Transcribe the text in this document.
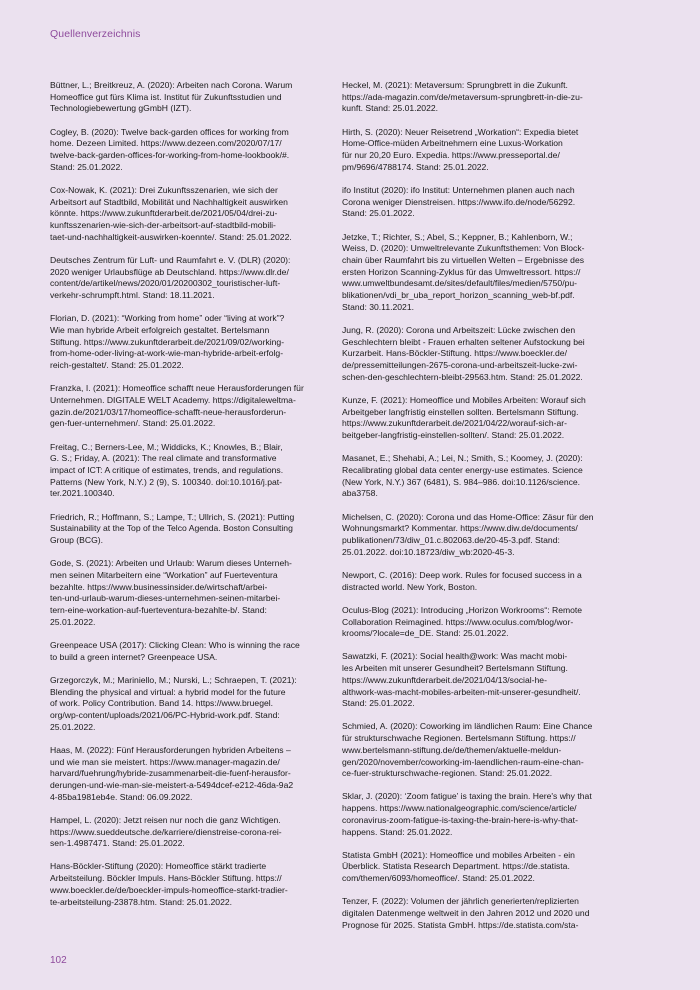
Quellenverzeichnis

Büttner, L.; Breitkreuz, A. (2020): Arbeiten nach Corona. Warum
Homeoffice gut fürs Klima ist. Institut für Zukunftsstudien und
Technologiebewertung gGmbH (IZT).

Cogley, B. (2020): Twelve back-garden offices for working from
home. Dezeen Limited. https://www.dezeen.com/2020/07/17/
twelve-back-garden-offices-for-working-from-home-lookbook/#.
Stand: 25.01.2022.

Cox-Nowak, K. (2021): Drei Zukunftsszenarien, wie sich der
Arbeitsort auf Stadtbild, Mobilität und Nachhaltigkeit auswirken
könnte. https://www.zukunftderarbeit.de/2021/05/04/drei-zu-
kunftsszenarien-wie-sich-der-arbeitsort-auf-stadtbild-mobili-
taet-und-nachhaltigkeit-auswirken-koennte/. Stand: 25.01.2022.

Deutsches Zentrum für Luft- und Raumfahrt e. V. (DLR) (2020):
2020 weniger Urlaubsflüge ab Deutschland. https://www.dlr.de/
content/de/artikel/news/2020/01/20200302_touristischer-luft-
verkehr-schrumpft.html. Stand: 18.11.2021.

Florian, D. (2021): “Working from home” oder “living at work”?
Wie man hybride Arbeit erfolgreich gestaltet. Bertelsmann
Stiftung. https://www.zukunftderarbeit.de/2021/09/02/working-
from-home-oder-living-at-work-wie-man-hybride-arbeit-erfolg-
reich-gestaltet/. Stand: 25.01.2022.

Franzka, I. (2021): Homeoffice schafft neue Herausforderungen für
Unternehmen. DIGITALE WELT Academy. https://digitaleweltma-
gazin.de/2021/03/17/homeoffice-schafft-neue-herausforderun-
gen-fuer-unternehmen/. Stand: 25.01.2022.

Freitag, C.; Berners-Lee, M.; Widdicks, K.; Knowles, B.; Blair,
G. S.; Friday, A. (2021): The real climate and transformative
impact of ICT: A critique of estimates, trends, and regulations.
Patterns (New York, N.Y.) 2 (9), S. 100340. doi:10.1016/j.pat-
ter.2021.100340.

Friedrich, R.; Hoffmann, S.; Lampe, T.; Ullrich, S. (2021): Putting
Sustainability at the Top of the Telco Agenda. Boston Consulting
Group (BCG).

Gode, S. (2021): Arbeiten und Urlaub: Warum dieses Unterneh-
men seinen Mitarbeitern eine “Workation” auf Fuerteventura
bezahlte. https://www.businessinsider.de/wirtschaft/arbei-
ten-und-urlaub-warum-dieses-unternehmen-seinen-mitarbei-
tern-eine-workation-auf-fuerteventura-bezahlte-b/. Stand:
25.01.2022.

Greenpeace USA (2017): Clicking Clean: Who is winning the race
to build a green internet? Greenpeace USA.

Grzegorczyk, M.; Mariniello, M.; Nurski, L.; Schraepen, T. (2021):
Blending the physical and virtual: a hybrid model for the future
of work. Policy Contribution. Band 14. https://www.bruegel.
org/wp-content/uploads/2021/06/PC-Hybrid-work.pdf. Stand:
25.01.2022.

Haas, M. (2022): Fünf Herausforderungen hybriden Arbeitens –
und wie man sie meistert. https://www.manager-magazin.de/
harvard/fuehrung/hybride-zusammenarbeit-die-fuenf-herausfor-
derungen-und-wie-man-sie-meistert-a-5494dcef-e212-46da-9a2
4-85ba1981eb4e. Stand: 06.09.2022.

Hampel, L. (2020): Jetzt reisen nur noch die ganz Wichtigen.
https://www.sueddeutsche.de/karriere/dienstreise-corona-rei-
sen-1.4987471. Stand: 25.01.2022.

Hans-Böckler-Stiftung (2020): Homeoffice stärkt tradierte
Arbeitsteilung. Böckler Impuls. Hans-Böckler Stiftung. https://
www.boeckler.de/de/boeckler-impuls-homeoffice-starkt-tradier-
te-arbeitsteilung-23878.htm. Stand: 25.01.2022.

Heckel, M. (2021): Metaversum: Sprungbrett in die Zukunft.
https://ada-magazin.com/de/metaversum-sprungbrett-in-die-zu-
kunft. Stand: 25.01.2022.

Hirth, S. (2020): Neuer Reisetrend „Workation“: Expedia bietet
Home-Office-müden Arbeitnehmern eine Luxus-Workation
für nur 20,20 Euro. Expedia. https://www.presseportal.de/
pm/9696/4788174. Stand: 25.01.2022.

ifo Institut (2020): ifo Institut: Unternehmen planen auch nach
Corona weniger Dienstreisen. https://www.ifo.de/node/56292.
Stand: 25.01.2022.

Jetzke, T.; Richter, S.; Abel, S.; Keppner, B.; Kahlenborn, W.;
Weiss, D. (2020): Umweltrelevante Zukunftsthemen: Von Block-
chain über Raumfahrt bis zu virtuellen Welten – Ergebnisse des
ersten Horizon Scanning-Zyklus für das Umweltressort. https://
www.umweltbundesamt.de/sites/default/files/medien/5750/pu-
blikationen/vdi_br_uba_report_horizon_scanning_web-bf.pdf.
Stand: 30.11.2021.

Jung, R. (2020): Corona und Arbeitszeit: Lücke zwischen den
Geschlechtern bleibt - Frauen erhalten seltener Aufstockung bei
Kurzarbeit. Hans-Böckler-Stiftung. https://www.boeckler.de/
de/pressemitteilungen-2675-corona-und-arbeitszeit-lucke-zwi-
schen-den-geschlechtern-bleibt-29563.htm. Stand: 25.01.2022.

Kunze, F. (2021): Homeoffice und Mobiles Arbeiten: Worauf sich
Arbeitgeber langfristig einstellen sollten. Bertelsmann Stiftung.
https://www.zukunftderarbeit.de/2021/04/22/worauf-sich-ar-
beitgeber-langfristig-einstellen-sollten/. Stand: 25.01.2022.

Masanet, E.; Shehabi, A.; Lei, N.; Smith, S.; Koomey, J. (2020):
Recalibrating global data center energy-use estimates. Science
(New York, N.Y.) 367 (6481), S. 984–986. doi:10.1126/science.
aba3758.

Michelsen, C. (2020): Corona und das Home-Office: Zäsur für den
Wohnungsmarkt? Kommentar. https://www.diw.de/documents/
publikationen/73/diw_01.c.802063.de/20-45-3.pdf. Stand:
25.01.2022. doi:10.18723/diw_wb:2020-45-3.

Newport, C. (2016): Deep work. Rules for focused success in a
distracted world. New York, Boston.

Oculus-Blog (2021): Introducing „Horizon Workrooms“: Remote
Collaboration Reimagined. https://www.oculus.com/blog/wor-
krooms/?locale=de_DE. Stand: 25.01.2022.

Sawatzki, F. (2021): Social health@work: Was macht mobi-
les Arbeiten mit unserer Gesundheit? Bertelsmann Stiftung.
https://www.zukunftderarbeit.de/2021/04/13/social-he-
althwork-was-macht-mobiles-arbeiten-mit-unserer-gesundheit/.
Stand: 25.01.2022.

Schmied, A. (2020): Coworking im ländlichen Raum: Eine Chance
für strukturschwache Regionen. Bertelsmann Stiftung. https://
www.bertelsmann-stiftung.de/de/themen/aktuelle-meldun-
gen/2020/november/coworking-im-laendlichen-raum-eine-chan-
ce-fuer-strukturschwache-regionen. Stand: 25.01.2022.

Sklar, J. (2020): ‘Zoom fatigue’ is taxing the brain. Here's why that
happens. https://www.nationalgeographic.com/science/article/
coronavirus-zoom-fatigue-is-taxing-the-brain-here-is-why-that-
happens. Stand: 25.01.2022.

Statista GmbH (2021): Homeoffice und mobiles Arbeiten - ein
Überblick. Statista Research Department. https://de.statista.
com/themen/6093/homeoffice/. Stand: 25.01.2022.

Tenzer, F. (2022): Volumen der jährlich generierten/replizierten
digitalen Datenmenge weltweit in den Jahren 2012 und 2020 und
Prognose für 2025. Statista GmbH. https://de.statista.com/sta-

102
